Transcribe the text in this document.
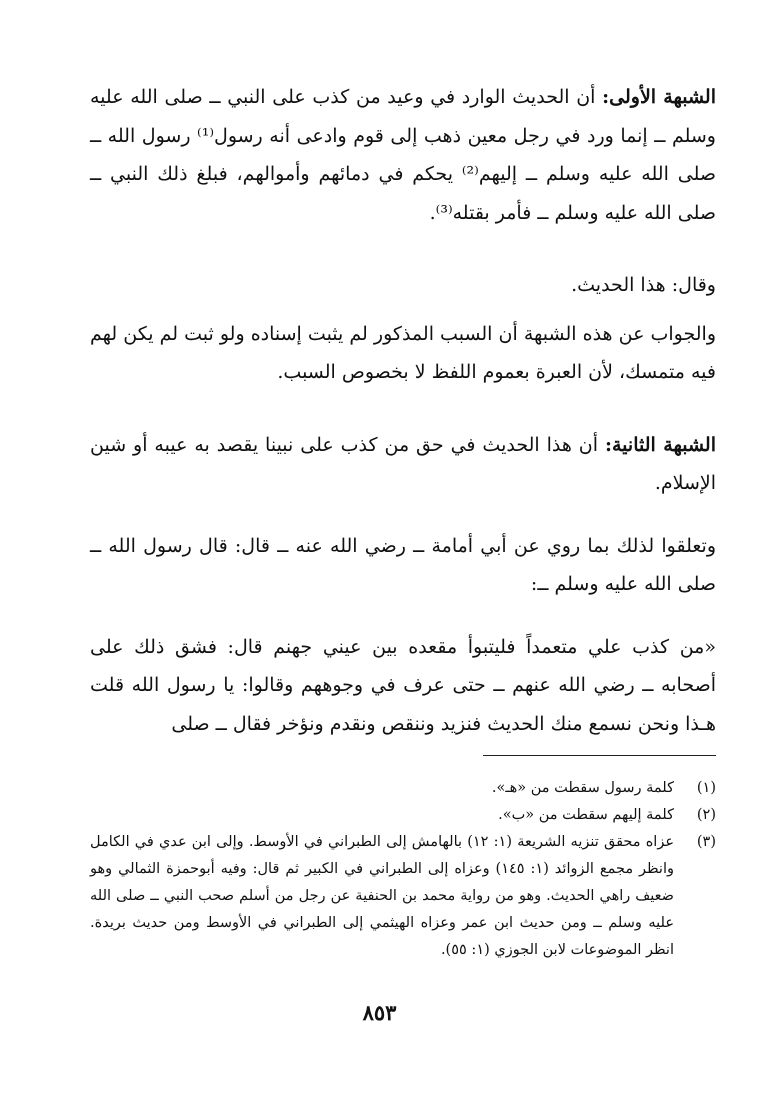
الشبهة الأولى: أن الحديث الوارد في وعيد من كذب على النبي ــ صلى الله عليه وسلم ــ إنما ورد في رجل معين ذهب إلى قوم وادعى أنه رسول⁽¹⁾ رسول الله ــ صلى الله عليه وسلم ــ إليهم⁽²⁾ يحكم في دمائهم وأموالهم، فبلغ ذلك النبي ــ صلى الله عليه وسلم ــ فأمر بقتله⁽³⁾.

وقال: هذا الحديث.

والجواب عن هذه الشبهة أن السبب المذكور لم يثبت إسناده ولو ثبت لم يكن لهم فيه متمسك، لأن العبرة بعموم اللفظ لا بخصوص السبب.

الشبهة الثانية: أن هذا الحديث في حق من كذب على نبينا يقصد به عيبه أو شين الإسلام.

وتعلقوا لذلك بما روي عن أبي أمامة ــ رضي الله عنه ــ قال: قال رسول الله ــ صلى الله عليه وسلم ــ:

«من كذب علي متعمداً فليتبوأ مقعده بين عيني جهنم قال: فشق ذلك على أصحابه ــ رضي الله عنهم ــ حتى عرف في وجوههم وقالوا: يا رسول الله قلت هـذا ونحن نسمع منك الحديث فنزيد وننقص ونقدم ونؤخر فقال ــ صلى

(١)
كلمة رسول سقطت من «هـ».
(٢)
كلمة إليهم سقطت من «ب».
(٣)
عزاه محقق تنزيه الشريعة (١: ١٢) بالهامش إلى الطبراني في الأوسط. وإلى ابن عدي في الكامل وانظر مجمع الزوائد (١: ١٤٥) وعزاه إلى الطبراني في الكبير ثم قال: وفيه أبوحمزة الثمالي وهو ضعيف راهي الحديث. وهو من رواية محمد بن الحنفية عن رجل من أسلم صحب النبي ــ صلى الله عليه وسلم ــ ومن حديث ابن عمر وعزاه الهيثمي إلى الطبراني في الأوسط ومن حديث بريدة. انظر الموضوعات لابن الجوزي (١: ٥٥).
٨٥٣
